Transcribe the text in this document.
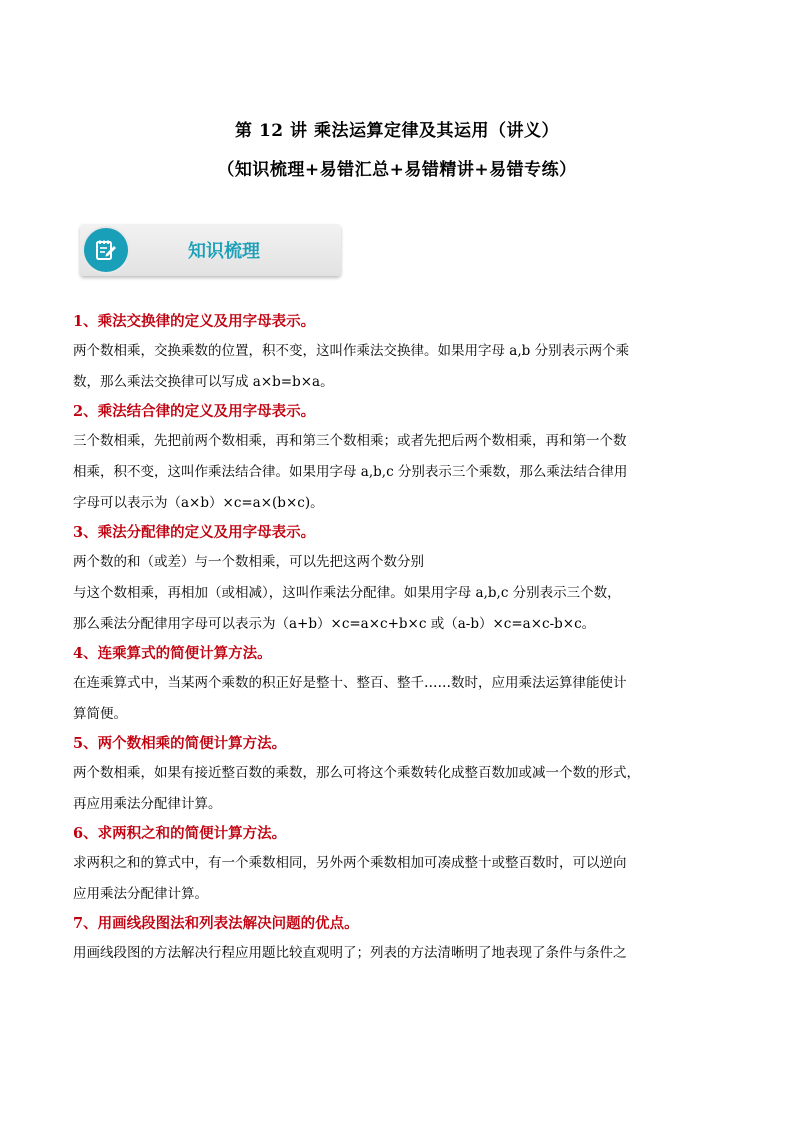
第 12 讲 乘法运算定律及其运用（讲义）
（知识梳理+易错汇总+易错精讲+易错专练）
知识梳理
1、乘法交换律的定义及用字母表示。

两个数相乘，交换乘数的位置，积不变，这叫作乘法交换律。如果用字母 a,b 分别表示两个乘

数，那么乘法交换律可以写成 a×b=b×a。

2、乘法结合律的定义及用字母表示。

三个数相乘，先把前两个数相乘，再和第三个数相乘；或者先把后两个数相乘，再和第一个数

相乘，积不变，这叫作乘法结合律。如果用字母 a,b,c 分别表示三个乘数，那么乘法结合律用

字母可以表示为（a×b）×c=a×(b×c)。

3、乘法分配律的定义及用字母表示。

两个数的和（或差）与一个数相乘，可以先把这两个数分别

与这个数相乘，再相加（或相减），这叫作乘法分配律。如果用字母 a,b,c 分别表示三个数，

那么乘法分配律用字母可以表示为（a+b）×c=a×c+b×c 或（a-b）×c=a×c-b×c。

4、连乘算式的简便计算方法。

在连乘算式中，当某两个乘数的积正好是整十、整百、整千……数时，应用乘法运算律能使计

算简便。

5、两个数相乘的简便计算方法。

两个数相乘，如果有接近整百数的乘数，那么可将这个乘数转化成整百数加或减一个数的形式，

再应用乘法分配律计算。

6、求两积之和的简便计算方法。

求两积之和的算式中，有一个乘数相同，另外两个乘数相加可凑成整十或整百数时，可以逆向

应用乘法分配律计算。

7、用画线段图法和列表法解决问题的优点。

用画线段图的方法解决行程应用题比较直观明了；列表的方法清晰明了地表现了条件与条件之
